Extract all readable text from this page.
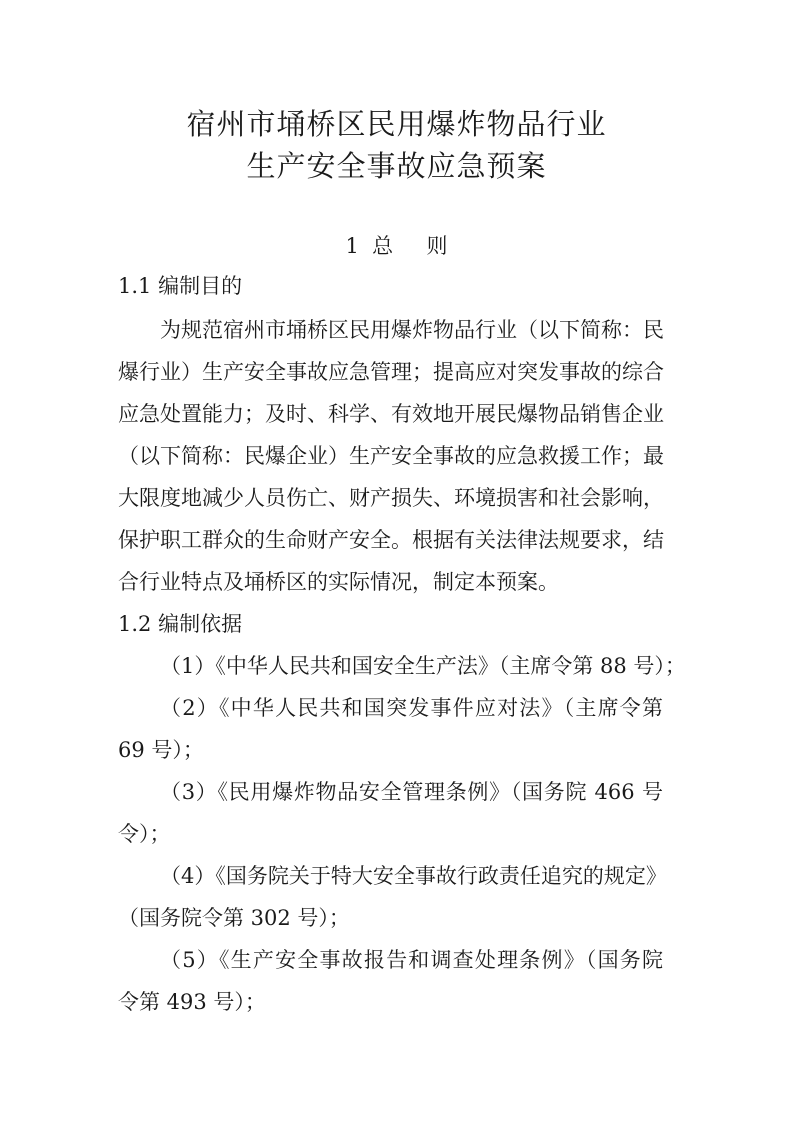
宿州市埇桥区民用爆炸物品行业
生产安全事故应急预案
1  总     则
1.1 编制目的
为规范宿州市埇桥区民用爆炸物品行业（以下简称：民
爆行业）生产安全事故应急管理；提高应对突发事故的综合
应急处置能力；及时、科学、有效地开展民爆物品销售企业
（以下简称：民爆企业）生产安全事故的应急救援工作；最
大限度地减少人员伤亡、财产损失、环境损害和社会影响，
保护职工群众的生命财产安全。根据有关法律法规要求，结
合行业特点及埇桥区的实际情况，制定本预案。
1.2 编制依据
（1）《中华人民共和国安全生产法》（主席令第 88 号）；
（2）《中华人民共和国突发事件应对法》（主席令第
69 号）；
（3）《民用爆炸物品安全管理条例》（国务院 466 号
令）；
（4）《国务院关于特大安全事故行政责任追究的规定》
（国务院令第 302 号）；
（5）《生产安全事故报告和调查处理条例》（国务院
令第 493 号）；
